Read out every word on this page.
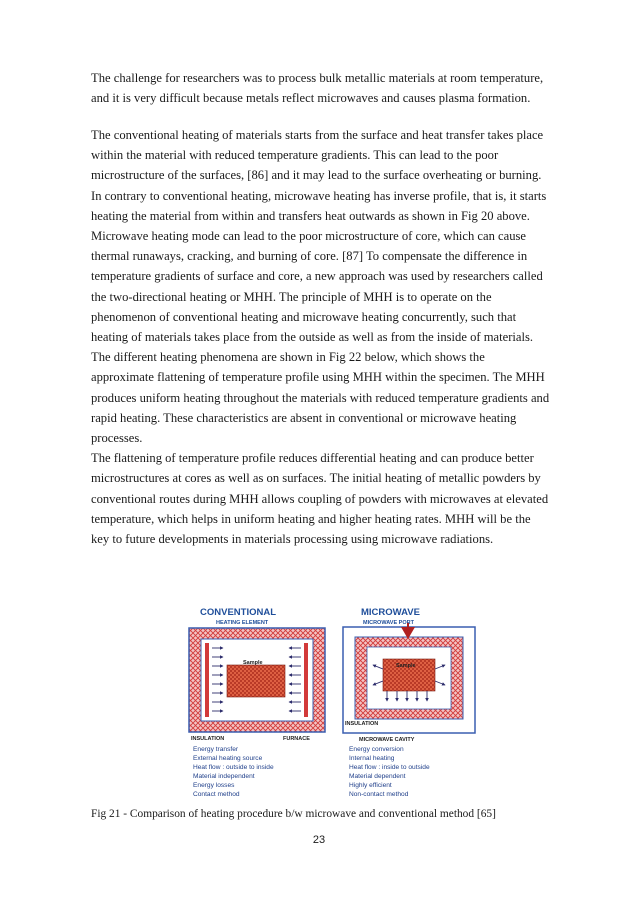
The challenge for researchers was to process bulk metallic materials at room temperature,
and it is very difficult because metals reflect microwaves and causes plasma formation.
The conventional heating of materials starts from the surface and heat transfer takes place
within the material with reduced temperature gradients. This can lead to the poor
microstructure of the surfaces, [86] and it may lead to the surface overheating or burning.
In contrary to conventional heating, microwave heating has inverse profile, that is, it starts
heating the material from within and transfers heat outwards as shown in Fig 20 above.
Microwave heating mode can lead to the poor microstructure of core, which can cause
thermal runaways, cracking, and burning of core. [87] To compensate the difference in
temperature gradients of surface and core, a new approach was used by researchers called
the two-directional heating or MHH. The principle of MHH is to operate on the
phenomenon of conventional heating and microwave heating concurrently, such that
heating of materials takes place from the outside as well as from the inside of materials.
The different heating phenomena are shown in Fig 22 below, which shows the
approximate flattening of temperature profile using MHH within the specimen. The MHH
produces uniform heating throughout the materials with reduced temperature gradients and
rapid heating. These characteristics are absent in conventional or microwave heating
processes.
The flattening of temperature profile reduces differential heating and can produce better
microstructures at cores as well as on surfaces. The initial heating of metallic powders by
conventional routes during MHH allows coupling of powders with microwaves at elevated
temperature, which helps in uniform heating and higher heating rates. MHH will be the
key to future developments in materials processing using microwave radiations.
CONVENTIONAL
HEATING ELEMENT
Sample
INSULATION	FURNACE
Energy transfer
External heating source
Heat flow : outside to inside
Material independent
Energy losses
Contact method
MICROWAVE
MICROWAVE PORT
Sample
INSULATION
MICROWAVE CAVITY
Energy conversion
Internal heating
Heat flow : inside to outside
Material dependent
Highly efficient
Non-contact method
Fig 21 - Comparison of heating procedure b/w microwave and conventional method [65]
23
